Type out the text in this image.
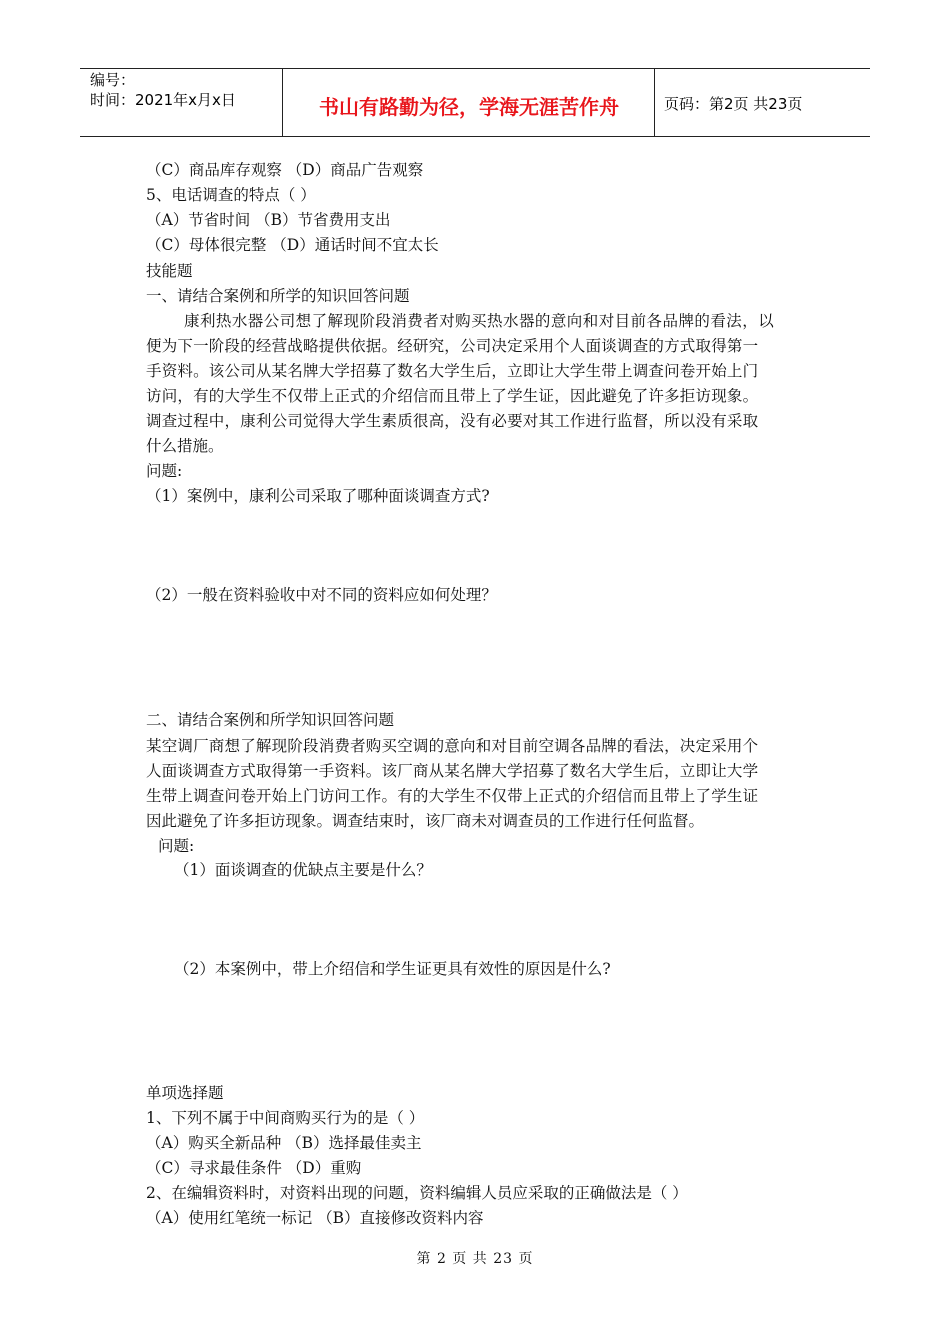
编号：
时间：2021年x月x日	书山有路勤为径，学海无涯苦作舟	页码：第2页 共23页
（C）商品库存观察 （D）商品广告观察
5、电话调查的特点（ ）
（A）节省时间 （B）节省费用支出
（C）母体很完整 （D）通话时间不宜太长
技能题
一、请结合案例和所学的知识回答问题
康利热水器公司想了解现阶段消费者对购买热水器的意向和对目前各品牌的看法，以
便为下一阶段的经营战略提供依据。经研究，公司决定采用个人面谈调查的方式取得第一
手资料。该公司从某名牌大学招募了数名大学生后，立即让大学生带上调查问卷开始上门
访问，有的大学生不仅带上正式的介绍信而且带上了学生证，因此避免了许多拒访现象。
调查过程中，康利公司觉得大学生素质很高，没有必要对其工作进行监督，所以没有采取
什么措施。
问题:
（1）案例中，康利公司采取了哪种面谈调查方式?
（2）一般在资料验收中对不同的资料应如何处理？
二、请结合案例和所学知识回答问题
某空调厂商想了解现阶段消费者购买空调的意向和对目前空调各品牌的看法，决定采用个
人面谈调查方式取得第一手资料。该厂商从某名牌大学招募了数名大学生后，立即让大学
生带上调查问卷开始上门访问工作。有的大学生不仅带上正式的介绍信而且带上了学生证
因此避免了许多拒访现象。调查结束时，该厂商未对调查员的工作进行任何监督。
问题:
（1）面谈调查的优缺点主要是什么？
（2）本案例中，带上介绍信和学生证更具有效性的原因是什么?
单项选择题
1、下列不属于中间商购买行为的是（ ）
（A）购买全新品种 （B）选择最佳卖主
（C）寻求最佳条件 （D）重购
2、在编辑资料时，对资料出现的问题，资料编辑人员应采取的正确做法是（ ）
（A）使用红笔统一标记 （B）直接修改资料内容
第 2 页 共 23 页
